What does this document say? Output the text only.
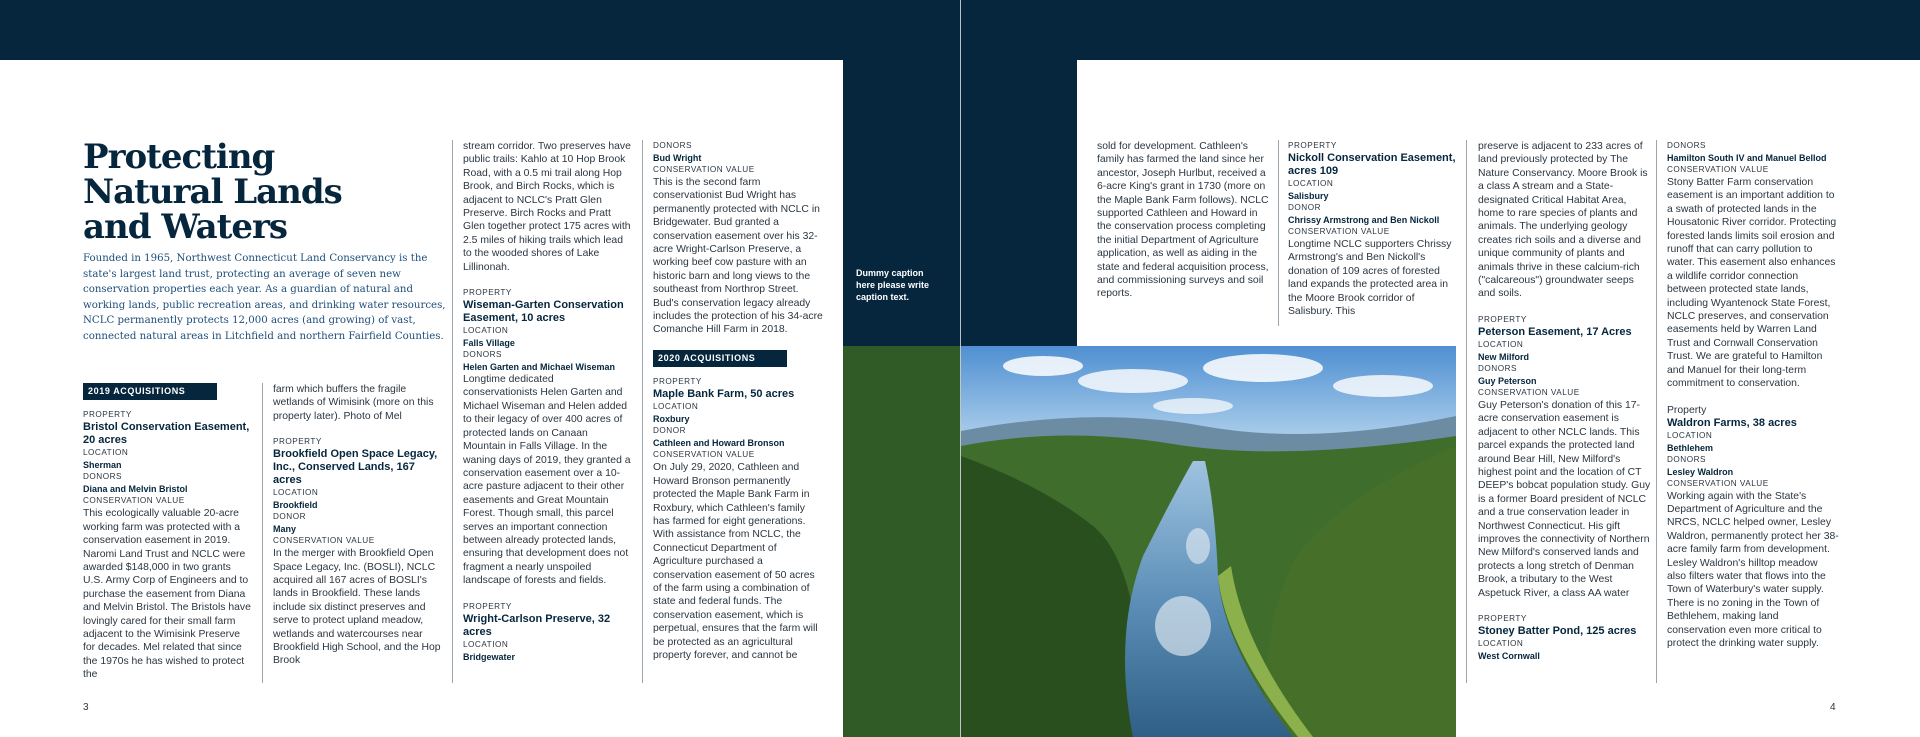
Dummy caption here please write caption text.
Protecting
Natural Lands
and Waters

Founded in 1965, Northwest Connecticut Land Conservancy is the state's largest land trust, protecting an average of seven new conservation properties each year. As a guardian of natural and working lands, public recreation areas, and drinking water resources, NCLC permanently protects 12,000 acres (and growing) of vast, connected natural areas in Litchfield and northern Fairfield Counties.

2019 ACQUISITIONS
PROPERTY
Bristol Conservation Easement, 20 acres
LOCATION
Sherman
DONORS
Diana and Melvin Bristol
CONSERVATION VALUE

This ecologically valuable 20-acre working farm was protected with a conservation easement in 2019. Naromi Land Trust and NCLC were awarded $148,000 in two grants U.S. Army Corp of Engineers and to purchase the easement from Diana and Melvin Bristol. The Bristols have lovingly cared for their small farm adjacent to the Wimisink Preserve for decades. Mel related that since the 1970s he has wished to protect the

farm which buffers the fragile wetlands of Wimisink (more on this property later). Photo of Mel

PROPERTY
Brookfield Open Space Legacy, Inc., Conserved Lands, 167 acres
LOCATION
Brookfield
DONOR
Many
CONSERVATION VALUE

In the merger with Brookfield Open Space Legacy, Inc. (BOSLI), NCLC acquired all 167 acres of BOSLI's lands in Brookfield. These lands include six distinct preserves and serve to protect upland meadow, wetlands and watercourses near Brookfield High School, and the Hop Brook

stream corridor. Two preserves have public trails: Kahlo at 10 Hop Brook Road, with a 0.5 mi trail along Hop Brook, and Birch Rocks, which is adjacent to NCLC's Pratt Glen Preserve. Birch Rocks and Pratt Glen together protect 175 acres with 2.5 miles of hiking trails which lead to the wooded shores of Lake Lillinonah.

PROPERTY
Wiseman-Garten Conservation Easement, 10 acres
LOCATION
Falls Village
DONORS
Helen Garten and Michael Wiseman

Longtime dedicated conservationists Helen Garten and Michael Wiseman and Helen added to their legacy of over 400 acres of protected lands on Canaan Mountain in Falls Village. In the waning days of 2019, they granted a conservation easement over a 10-acre pasture adjacent to their other easements and Great Mountain Forest. Though small, this parcel serves an important connection between already protected lands, ensuring that development does not fragment a nearly unspoiled landscape of forests and fields.

PROPERTY
Wright-Carlson Preserve, 32 acres
LOCATION
Bridgewater
DONORS
Bud Wright
CONSERVATION VALUE

This is the second farm conservationist Bud Wright has permanently protected with NCLC in Bridgewater. Bud granted a conservation easement over his 32-acre Wright-Carlson Preserve, a working beef cow pasture with an historic barn and long views to the southeast from Northrop Street. Bud's conservation legacy already includes the protection of his 34-acre Comanche Hill Farm in 2018.

2020 ACQUISITIONS
PROPERTY
Maple Bank Farm, 50 acres
LOCATION
Roxbury
DONOR
Cathleen and Howard Bronson
CONSERVATION VALUE

On July 29, 2020, Cathleen and Howard Bronson permanently protected the Maple Bank Farm in Roxbury, which Cathleen's family has farmed for eight generations. With assistance from NCLC, the Connecticut Department of Agriculture purchased a conservation easement of 50 acres of the farm using a combination of state and federal funds. The conservation easement, which is perpetual, ensures that the farm will be protected as an agricultural property forever, and cannot be

sold for development. Cathleen's family has farmed the land since her ancestor, Joseph Hurlbut, received a 6-acre King's grant in 1730 (more on the Maple Bank Farm follows). NCLC supported Cathleen and Howard in the conservation process completing the initial Department of Agriculture application, as well as aiding in the state and federal acquisition process, and commissioning surveys and soil reports.

PROPERTY
Nickoll Conservation Easement, acres 109
LOCATION
Salisbury
DONOR
Chrissy Armstrong and Ben Nickoll
CONSERVATION VALUE

Longtime NCLC supporters Chrissy Armstrong's and Ben Nickoll's donation of 109 acres of forested land expands the protected area in the Moore Brook corridor of Salisbury. This

preserve is adjacent to 233 acres of land previously protected by The Nature Conservancy. Moore Brook is a class A stream and a State-designated Critical Habitat Area, home to rare species of plants and animals. The underlying geology creates rich soils and a diverse and unique community of plants and animals thrive in these calcium-rich ("calcareous") groundwater seeps and soils.

PROPERTY
Peterson Easement, 17 Acres
LOCATION
New Milford
DONORS
Guy Peterson
CONSERVATION VALUE

Guy Peterson's donation of this 17-acre conservation easement is adjacent to other NCLC lands. This parcel expands the protected land around Bear Hill, New Milford's highest point and the location of CT DEEP's bobcat population study. Guy is a former Board president of NCLC and a true conservation leader in Northwest Connecticut. His gift improves the connectivity of Northern New Milford's conserved lands and protects a long stretch of Denman Brook, a tributary to the West Aspetuck River, a class AA water

PROPERTY
Stoney Batter Pond, 125 acres
LOCATION
West Cornwall
DONORS
Hamilton South IV and Manuel Bellod
CONSERVATION VALUE

Stony Batter Farm conservation easement is an important addition to a swath of protected lands in the Housatonic River corridor. Protecting forested lands limits soil erosion and runoff that can carry pollution to water. This easement also enhances a wildlife corridor connection between protected state lands, including Wyantenock State Forest, NCLC preserves, and conservation easements held by Warren Land Trust and Cornwall Conservation Trust. We are grateful to Hamilton and Manuel for their long-term commitment to conservation.

Property
Waldron Farms, 38 acres
LOCATION
Bethlehem
DONORS
Lesley Waldron
CONSERVATION VALUE

Working again with the State's Department of Agriculture and the NRCS, NCLC helped owner, Lesley Waldron, permanently protect her 38-acre family farm from development. Lesley Waldron's hilltop meadow also filters water that flows into the Town of Waterbury's water supply. There is no zoning in the Town of Bethlehem, making land conservation even more critical to protect the drinking water supply.

3	4
